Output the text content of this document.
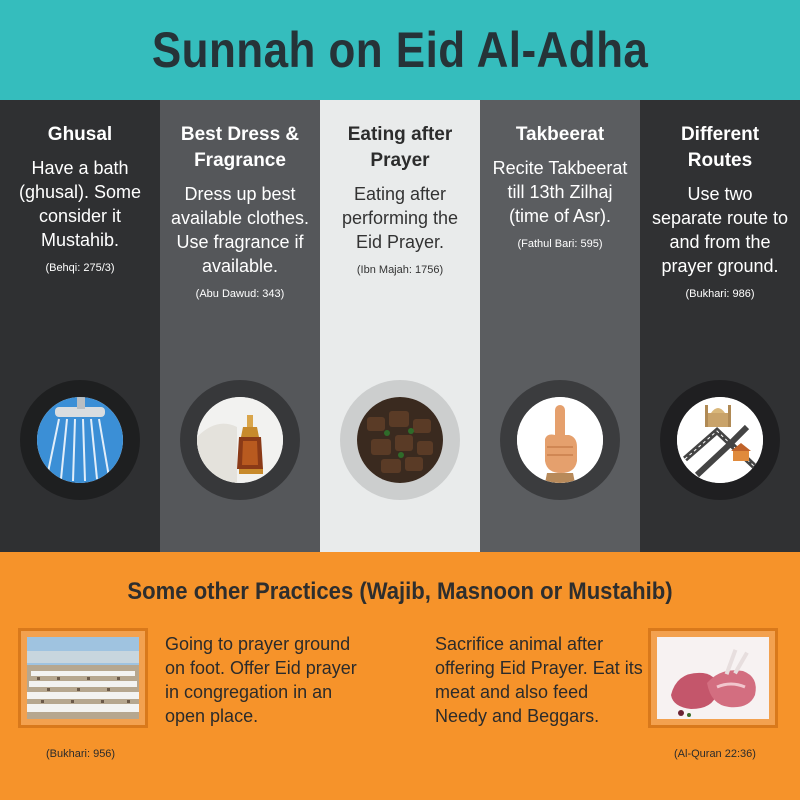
Sunnah on Eid Al-Adha
Ghusal

Have a bath (ghusal). Some consider it Mustahib.

(Behqi: 275/3)

Best Dress & Fragrance

Dress up best available clothes. Use fragrance if available.

(Abu Dawud: 343)

Eating after Prayer

Eating after performing the Eid Prayer.

(Ibn Majah: 1756)

Takbeerat

Recite Takbeerat till 13th Zilhaj (time of Asr).

(Fathul Bari: 595)

Different Routes

Use two separate route to and from the prayer ground.

(Bukhari: 986)

Some other Practices (Wajib, Masnoon or Mustahib)

Going to prayer ground on foot. Offer Eid prayer in congregation in an open place.

(Bukhari: 956)

Sacrifice animal after offering Eid Prayer. Eat its meat and also feed Needy and Beggars.

(Al-Quran 22:36)
